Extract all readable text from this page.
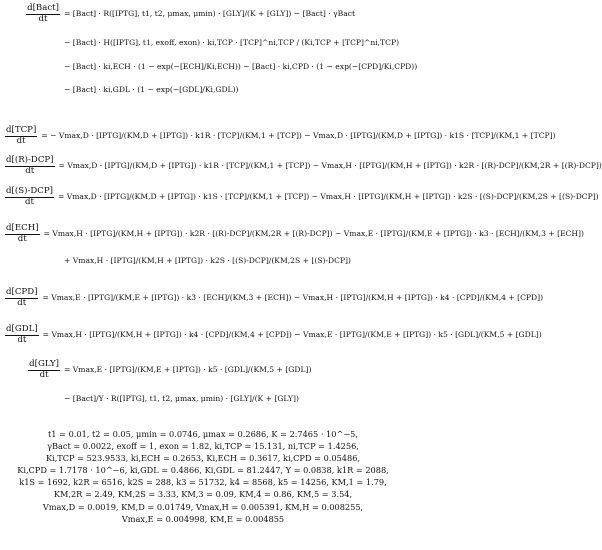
$\frac{\text{d[Bact]}}{dt}$ = [Bact] · R([IPTG], t1, t2, μmax, μmin) · [GLY]/(K + [GLY]) − [Bact] · γBact
− [Bact] · H([IPTG], t1, exoff, exon) · ki,TCP · [TCP]^ni,TCP / (Ki,TCP + [TCP]^ni,TCP)
− [Bact] · ki,ECH · (1 − exp(−[ECH]/Ki,ECH)) − [Bact] · ki,CPD · (1 − exp(−[CPD]/Ki,CPD))
− [Bact] · ki,GDL · (1 − exp(−[GDL]/Ki,GDL))
$\frac{\text{d[TCP]}}{dt}$ = − Vmax,D · [IPTG]/(KM,D + [IPTG]) · k1R · [TCP]/(KM,1 + [TCP]) − Vmax,D · [IPTG]/(KM,D + [IPTG]) · k1S · [TCP]/(KM,1 + [TCP])
$\frac{\text{d[(R)-DCP]}}{dt} = Vmax,D$ · [IPTG]/(KM,D + [IPTG]) · k1R · [TCP]/(KM,1 + [TCP]) − Vmax,H · [IPTG]/(KM,H + [IPTG]) · k2R · [(R)-DCP]/(KM,2R + [(R)-DCP])
$\frac{\text{d[(S)-DCP]}}{dt} = Vmax,D$ · [IPTG]/(KM,D + [IPTG]) · k1S · [TCP]/(KM,1 + [TCP]) − Vmax,H · [IPTG]/(KM,H + [IPTG]) · k2S · [(S)-DCP]/(KM,2S + [(S)-DCP])
$\frac{\text{d[ECH]}}{dt} = Vmax,H$ · [IPTG]/(KM,H + [IPTG]) · k2R · [(R)-DCP]/(KM,2R + [(R)-DCP]) − Vmax,E · [IPTG]/(KM,E + [IPTG]) · k3 · [ECH]/(KM,3 + [ECH])
+ Vmax,H · [IPTG]/(KM,H + [IPTG]) · k2S · [(S)-DCP]/(KM,2S + [(S)-DCP])
$\frac{\text{d[CPD]}}{dt} = Vmax,E$ · [IPTG]/(KM,E + [IPTG]) · k3 · [ECH]/(KM,3 + [ECH]) − Vmax,H · [IPTG]/(KM,H + [IPTG]) · k4 · [CPD]/(KM,4 + [CPD])
$\frac{\text{d[GDL]}}{dt} = Vmax,H$ · [IPTG]/(KM,H + [IPTG]) · k4 · [CPD]/(KM,4 + [CPD]) − Vmax,E · [IPTG]/(KM,E + [IPTG]) · k5 · [GDL]/(KM,5 + [GDL])
$\frac{\text{d[GLY]}}{dt} = Vmax,E$ · [IPTG]/(KM,E + [IPTG]) · k5 · [GDL]/(KM,5 + [GDL])
− [Bact]/Y · R([IPTG], t1, t2, μmax, μmin) · [GLY]/(K + [GLY])
t1 = 0.01, t2 = 0.05, μmin = 0.0746, μmax = 0.2686, K = 2.7465 · 10^−5,
γBact = 0.0022, exoff = 1, exon = 1.82, ki,TCP = 15.131, ni,TCP = 1.4256,
Ki,TCP = 523.9533, ki,ECH = 0.2653, Ki,ECH = 0.3617, ki,CPD = 0.05486,
Ki,CPD = 1.7178 · 10^−6, ki,GDL = 0.4866, Ki,GDL = 81.2447, Y = 0.0838, k1R = 2088,
k1S = 1692, k2R = 6516, k2S = 288, k3 = 51732, k4 = 8568, k5 = 14256, KM,1 = 1.79,
KM,2R = 2.49, KM,2S = 3.33, KM,3 = 0.09, KM,4 = 0.86, KM,5 = 3.54,
Vmax,D = 0.0019, KM,D = 0.01749, Vmax,H = 0.005391, KM,H = 0.008255,
Vmax,E = 0.004998, KM,E = 0.004855
